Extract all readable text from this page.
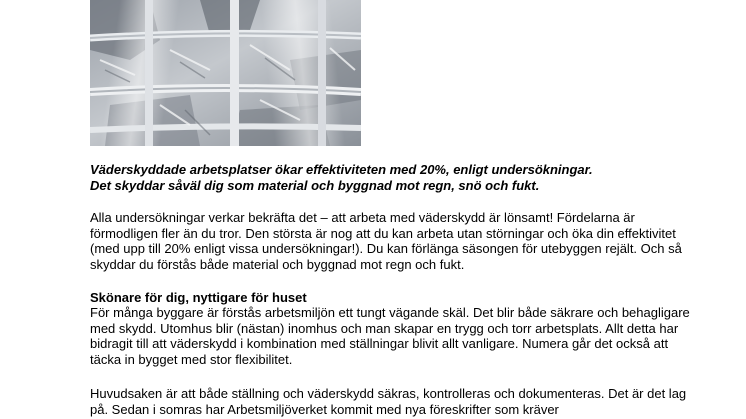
Väderskyddade arbetsplatser ökar effektiviteten med 20%, enligt undersökningar.
Det skyddar såväl dig som material och byggnad mot regn, snö och fukt.

Alla undersökningar verkar bekräfta det – att arbeta med väderskydd är lönsamt! Fördelarna är förmodligen fler än du tror. Den största är nog att du kan arbeta utan störningar och öka din effektivitet (med upp till 20% enligt vissa undersökningar!). Du kan förlänga säsongen för utebyggen rejält. Och så skyddar du förstås både material och byggnad mot regn och fukt.

Skönare för dig, nyttigare för huset

För många byggare är förstås arbetsmiljön ett tungt vägande skäl. Det blir både säkrare och behagligare med skydd. Utomhus blir (nästan) inomhus och man skapar en trygg och torr arbetsplats. Allt detta har bidragit till att väderskydd i kombination med ställningar blivit allt vanligare. Numera går det också att täcka in bygget med stor flexibilitet.

Huvudsaken är att både ställning och väderskydd säkras, kontrolleras och dokumenteras. Det är det lag på. Sedan i somras har Arbetsmiljöverket kommit med nya föreskrifter som kräver
